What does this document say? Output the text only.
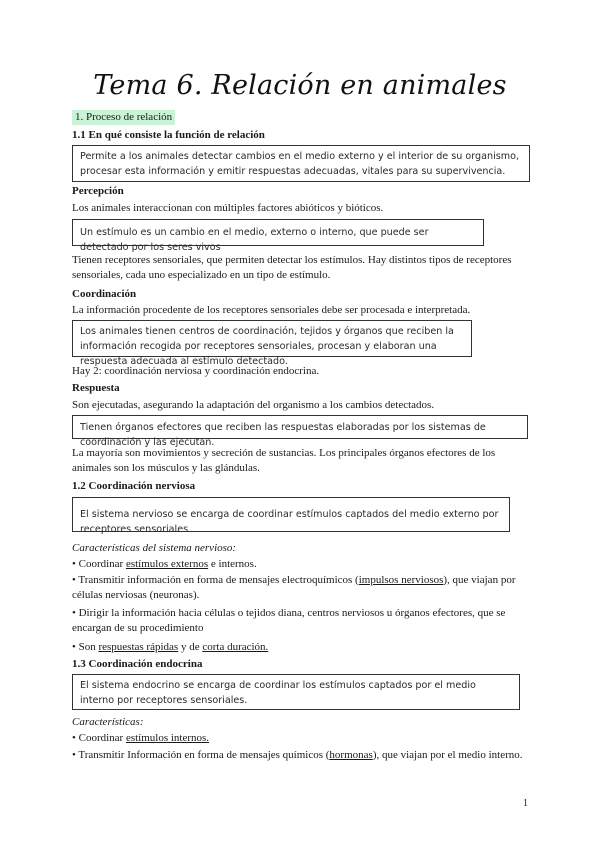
Tema 6. Relación en animales
1. Proceso de relación
1.1 En qué consiste la función de relación
Permite a los animales detectar cambios en el medio externo y el interior de su organismo, procesar esta información y emitir respuestas adecuadas, vitales para su supervivencia.
Percepción
Los animales interaccionan con múltiples factores abióticos y bióticos.
Un estímulo es un cambio en el medio, externo o interno, que puede ser detectado por los seres vivos
Tienen receptores sensoriales, que permiten detectar los estímulos. Hay distintos tipos de receptores sensoriales, cada uno especializado en un tipo de estímulo.
Coordinación
La información procedente de los receptores sensoriales debe ser procesada e interpretada.
Los animales tienen centros de coordinación, tejidos y órganos que reciben la información recogida por receptores sensoriales, procesan y elaboran una respuesta adecuada al estímulo detectado.
Hay 2: coordinación nerviosa y coordinación endocrina.
Respuesta
Son ejecutadas, asegurando la adaptación del organismo a los cambios detectados.
Tienen órganos efectores que reciben las respuestas elaboradas por los sistemas de coordinación y las ejecutan.
La mayoría son movimientos y secreción de sustancias. Los principales órganos efectores de los animales son los músculos y las glándulas.
1.2 Coordinación nerviosa
El sistema nervioso se encarga de coordinar estímulos captados del medio externo por receptores sensoriales
Características del sistema nervioso:
• Coordinar estímulos externos e internos.
• Transmitir información en forma de mensajes electroquímicos (impulsos nerviosos), que viajan por células nerviosas (neuronas).
• Dirigir la información hacia células o tejidos diana, centros nerviosos u órganos efectores, que se encargan de su procedimiento
• Son respuestas rápidas y de corta duración.
1.3 Coordinación endocrina
El sistema endocrino se encarga de coordinar los estímulos captados por el medio interno por receptores sensoriales.
Características:
• Coordinar estímulos internos.
• Transmitir Información en forma de mensajes químicos (hormonas), que viajan por el medio interno.
1
